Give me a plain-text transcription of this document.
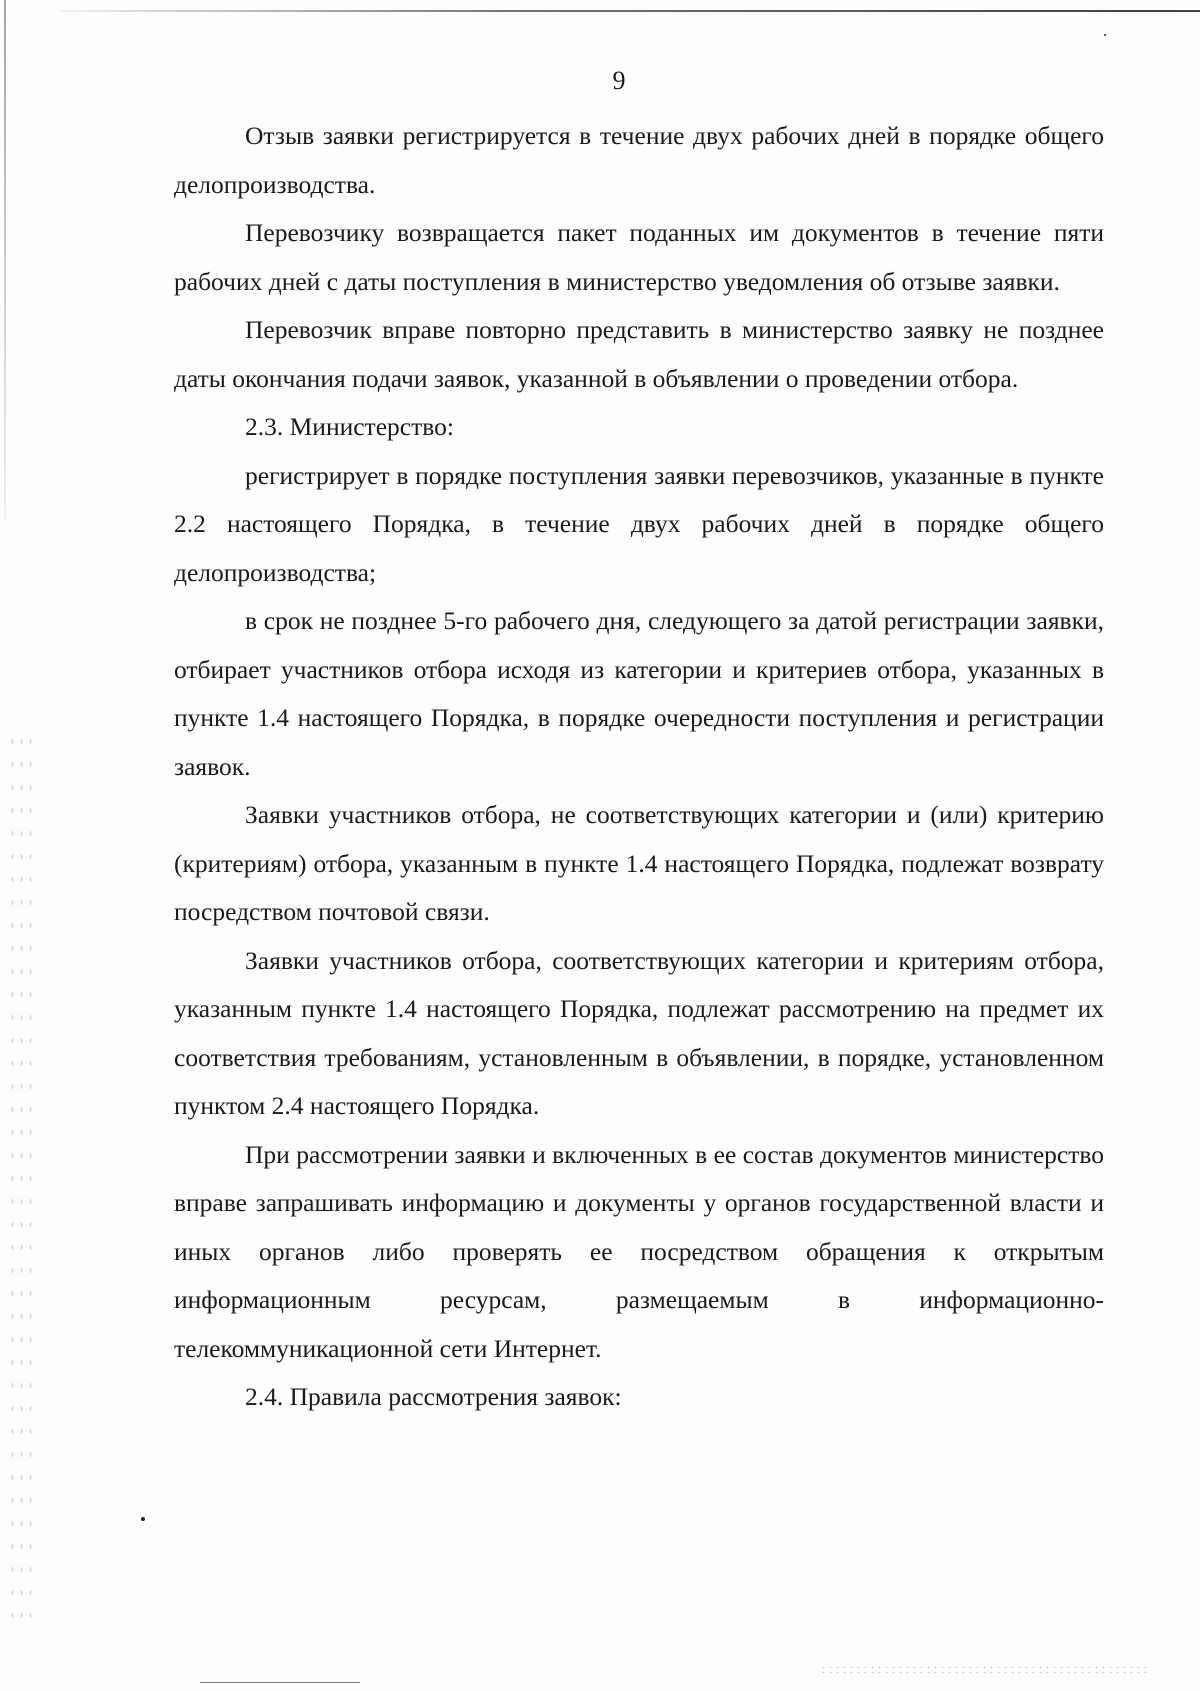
9

Отзыв заявки регистрируется в течение двух рабочих дней в порядке общего делопроизводства.

Перевозчику возвращается пакет поданных им документов в течение пяти рабочих дней с даты поступления в министерство уведомления об отзыве заявки.

Перевозчик вправе повторно представить в министерство заявку не позднее даты окончания подачи заявок, указанной в объявлении о проведении отбора.

2.3. Министерство:

регистрирует в порядке поступления заявки перевозчиков, указанные в пункте 2.2 настоящего Порядка, в течение двух рабочих дней в порядке общего делопроизводства;

в срок не позднее 5-го рабочего дня, следующего за датой регистрации заявки, отбирает участников отбора исходя из категории и критериев отбора, указанных в пункте 1.4 настоящего Порядка, в порядке очередности поступления и регистрации заявок.

Заявки участников отбора, не соответствующих категории и (или) критерию (критериям) отбора, указанным в пункте 1.4 настоящего Порядка, подлежат возврату посредством почтовой связи.

Заявки участников отбора, соответствующих категории и критериям отбора, указанным пункте 1.4 настоящего Порядка, подлежат рассмотрению на предмет их соответствия требованиям, установленным в объявлении, в порядке, установленном пунктом 2.4 настоящего Порядка.

При рассмотрении заявки и включенных в ее состав документов министерство вправе запрашивать информацию и документы у органов государственной власти и иных органов либо проверять ее посредством обращения к открытым информационным ресурсам, размещаемым в информационно-телекоммуникационной сети Интернет.

2.4. Правила рассмотрения заявок:
